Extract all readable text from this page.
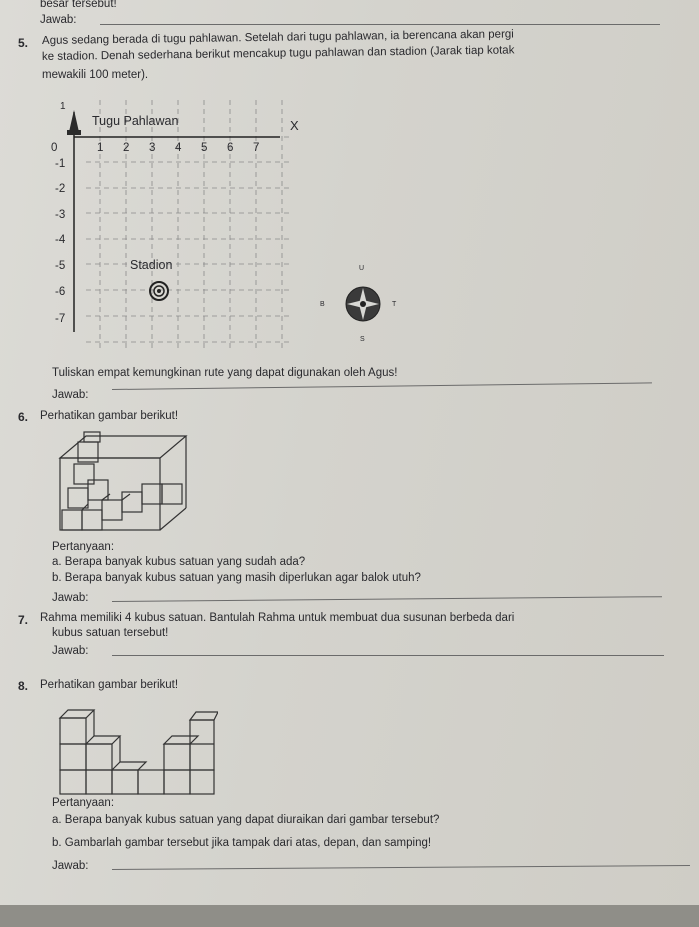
besar tersebut!
Jawab:
5. Agus sedang berada di tugu pahlawan. Setelah dari tugu pahlawan, ia berencana akan pergi
ke stadion. Denah sederhana berikut mencakup tugu pahlawan dan stadion (Jarak tiap kotak
mewakili 100 meter).
1
Tugu Pahlawan	X
0	1 2 3 4 5 6 7
-1
-2
-3
-4
-5
-6
-7
Stadion	U
S
T
B
Tuliskan empat kemungkinan rute yang dapat digunakan oleh Agus!
Jawab:
6. Perhatikan gambar berikut!
Pertanyaan:
a. Berapa banyak kubus satuan yang sudah ada?
b. Berapa banyak kubus satuan yang masih diperlukan agar balok utuh?
Jawab:
7. Rahma memiliki 4 kubus satuan. Bantulah Rahma untuk membuat dua susunan berbeda dari
kubus satuan tersebut!
Jawab:
8. Perhatikan gambar berikut!
Pertanyaan:
a. Berapa banyak kubus satuan yang dapat diuraikan dari gambar tersebut?
b. Gambarlah gambar tersebut jika tampak dari atas, depan, dan samping!
Jawab:
